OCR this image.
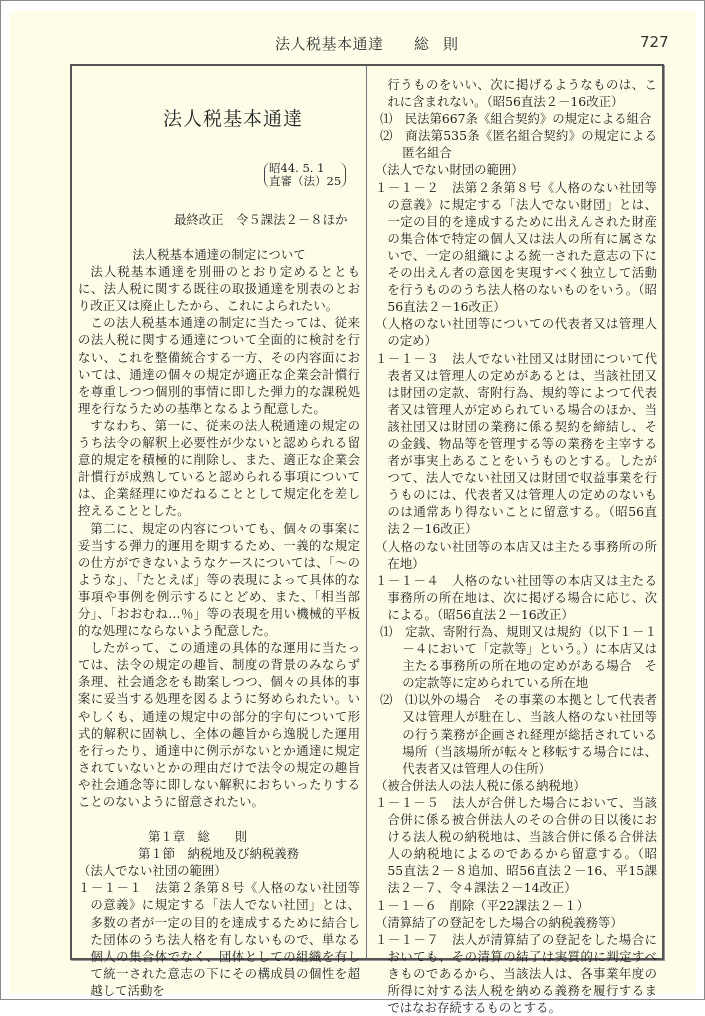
法人税基本通達 総則	727
法人税基本通達
昭44. 5. 1
直審（法）25
最終改正　令５課法２－８ほか

法人税基本通達の制定について

法人税基本通達を別冊のとおり定めるとともに、法人税に関する既往の取扱通達を別表のとおり改正又は廃止したから、これによられたい。

この法人税基本通達の制定に当たっては、従来の法人税に関する通達について全面的に検討を行ない、これを整備統合する一方、その内容面においては、通達の個々の規定が適正な企業会計慣行を尊重しつつ個別的事情に即した弾力的な課税処理を行なうための基準となるよう配意した。

すなわち、第一に、従来の法人税通達の規定のうち法令の解釈上必要性が少ないと認められる留意的規定を積極的に削除し、また、適正な企業会計慣行が成熟していると認められる事項については、企業経理にゆだねることとして規定化を差し控えることとした。

第二に、規定の内容についても、個々の事案に妥当する弾力的運用を期するため、一義的な規定の仕方ができないようなケースについては、「～のような」、「たとえば」等の表現によって具体的な事項や事例を例示するにとどめ、また、「相当部分」、「おおむね…％」等の表現を用い機械的平板的な処理にならないよう配意した。

したがって、この通達の具体的な運用に当たっては、法令の規定の趣旨、制度の背景のみならず条理、社会通念をも勘案しつつ、個々の具体的事案に妥当する処理を図るように努められたい。いやしくも、通達の規定中の部分的字句について形式的解釈に固執し、全体の趣旨から逸脱した運用を行ったり、通達中に例示がないとか通達に規定されていないとかの理由だけで法令の規定の趣旨や社会通念等に即しない解釈におちいったりすることのないように留意されたい。

第１章　総　　則

第１節　納税地及び納税義務

（法人でない社団の範囲）

１－１－１　法第２条第８号《人格のない社団等の意義》に規定する「法人でない社団」とは、多数の者が一定の目的を達成するために結合した団体のうち法人格を有しないもので、単なる個人の集合体でなく、団体としての組織を有して統一された意志の下にその構成員の個性を超越して活動を

行うものをいい、次に掲げるようなものは、これに含まれない。（昭56直法２－16改正）

⑴　民法第667条《組合契約》の規定による組合

⑵　商法第535条《匿名組合契約》の規定による匿名組合

（法人でない財団の範囲）

１－１－２　法第２条第８号《人格のない社団等の意義》に規定する「法人でない財団」とは、一定の目的を達成するために出えんされた財産の集合体で特定の個人又は法人の所有に属さないで、一定の組織による統一された意志の下にその出えん者の意図を実現すべく独立して活動を行うもののうち法人格のないものをいう。（昭56直法２－16改正）

（人格のない社団等についての代表者又は管理人の定め）

１－１－３　法人でない社団又は財団について代表者又は管理人の定めがあるとは、当該社団又は財団の定款、寄附行為、規約等によつて代表者又は管理人が定められている場合のほか、当該社団又は財団の業務に係る契約を締結し、その金銭、物品等を管理する等の業務を主宰する者が事実上あることをいうものとする。したがつて、法人でない社団又は財団で収益事業を行うものには、代表者又は管理人の定めのないものは通常あり得ないことに留意する。（昭56直法２－16改正）

（人格のない社団等の本店又は主たる事務所の所在地）

１－１－４　人格のない社団等の本店又は主たる事務所の所在地は、次に掲げる場合に応じ、次による。（昭56直法２－16改正）

⑴　定款、寄附行為、規則又は規約（以下１－１－４において「定款等」という。）に本店又は主たる事務所の所在地の定めがある場合　その定款等に定められている所在地

⑵　⑴以外の場合　その事業の本拠として代表者又は管理人が駐在し、当該人格のない社団等の行う業務が企画され経理が総括されている場所（当該場所が転々と移転する場合には、代表者又は管理人の住所）

（被合併法人の法人税に係る納税地）

１－１－５　法人が合併した場合において、当該合併に係る被合併法人のその合併の日以後における法人税の納税地は、当該合併に係る合併法人の納税地によるのであるから留意する。（昭55直法２－８追加、昭56直法２－16、平15課法２－７、令４課法２－14改正）

１－１－６　削除（平22課法２－１）

（清算結了の登記をした場合の納税義務等）

１－１－７　法人が清算結了の登記をした場合においても、その清算の結了は実質的に判定すべきものであるから、当該法人は、各事業年度の所得に対する法人税を納める義務を履行するまではなお存続するものとする。
